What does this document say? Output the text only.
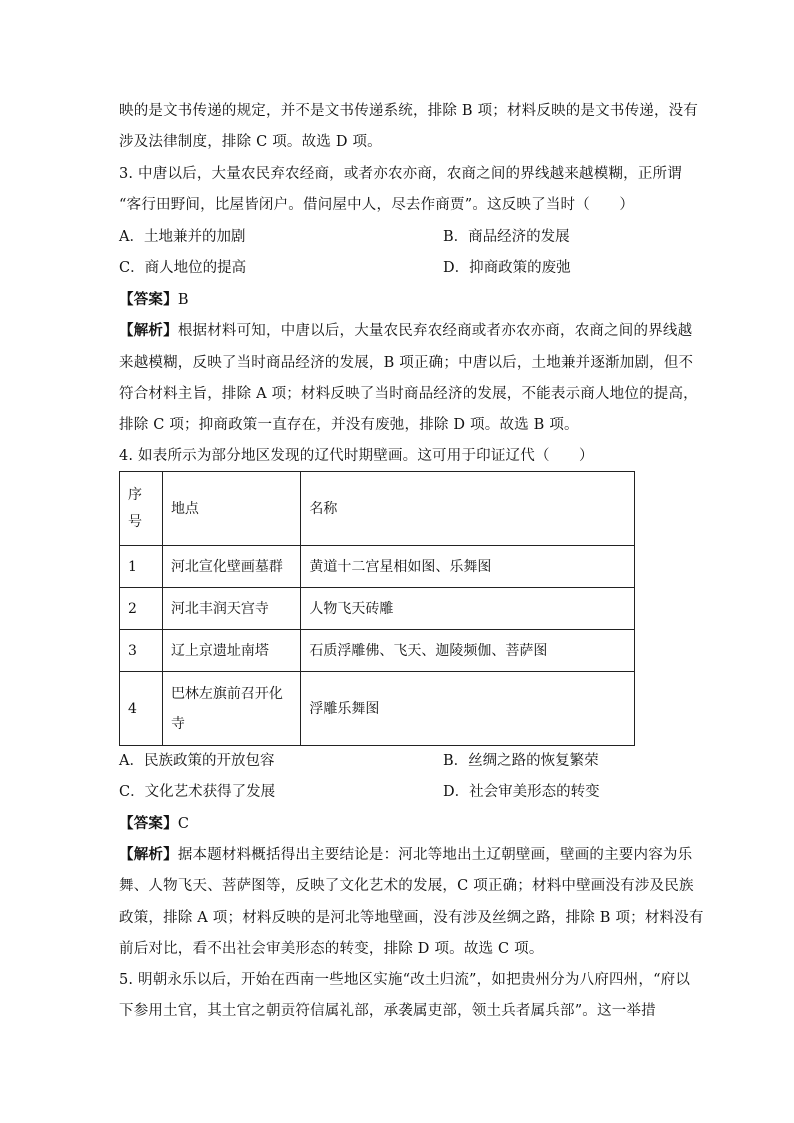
映的是文书传递的规定，并不是文书传递系统，排除 B 项；材料反映的是文书传递，没有
涉及法律制度，排除 C 项。故选 D 项。
3. 中唐以后，大量农民弃农经商，或者亦农亦商，农商之间的界线越来越模糊，正所谓
“客行田野间，比屋皆闭户。借问屋中人，尽去作商贾”。这反映了当时（　　）
A．土地兼并的加剧	B．商品经济的发展
C．商人地位的提高	D．抑商政策的废弛
【答案】B
【解析】根据材料可知，中唐以后，大量农民弃农经商或者亦农亦商，农商之间的界线越
来越模糊，反映了当时商品经济的发展，B 项正确；中唐以后，土地兼并逐渐加剧，但不
符合材料主旨，排除 A 项；材料反映了当时商品经济的发展，不能表示商人地位的提高，
排除 C 项；抑商政策一直存在，并没有废弛，排除 D 项。故选 B 项。
4. 如表所示为部分地区发现的辽代时期壁画。这可用于印证辽代（　　）
序号	地点	名称
1	河北宣化壁画墓群	黄道十二宫星相如图、乐舞图
2	河北丰润天宫寺	人物飞天砖雕
3	辽上京遗址南塔	石质浮雕佛、飞天、迦陵频伽、菩萨图
4	巴林左旗前召开化寺	浮雕乐舞图
A．民族政策的开放包容	B．丝绸之路的恢复繁荣
C．文化艺术获得了发展	D．社会审美形态的转变
【答案】C
【解析】据本题材料概括得出主要结论是：河北等地出土辽朝壁画，壁画的主要内容为乐
舞、人物飞天、菩萨图等，反映了文化艺术的发展，C 项正确；材料中壁画没有涉及民族
政策，排除 A 项；材料反映的是河北等地壁画，没有涉及丝绸之路，排除 B 项；材料没有
前后对比，看不出社会审美形态的转变，排除 D 项。故选 C 项。
5. 明朝永乐以后，开始在西南一些地区实施“改土归流”，如把贵州分为八府四州，“府以
下参用土官，其土官之朝贡符信属礼部，承袭属吏部，领土兵者属兵部”。这一举措
